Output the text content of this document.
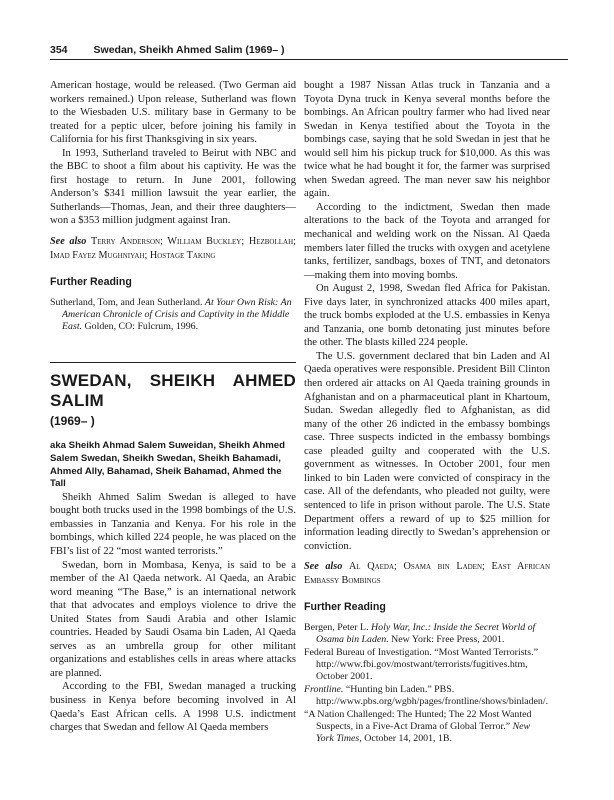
354 Swedan, Sheikh Ahmed Salim (1969– )

American hostage, would be released. (Two German aid workers remained.) Upon release, Sutherland was flown to the Wiesbaden U.S. military base in Germany to be treated for a peptic ulcer, before joining his family in California for his first Thanksgiving in six years.

In 1993, Sutherland traveled to Beirut with NBC and the BBC to shoot a film about his captivity. He was the first hostage to return. In June 2001, following Anderson’s $341 million lawsuit the year earlier, the Sutherlands—Thomas, Jean, and their three daughters—won a $353 million judgment against Iran.

See also Terry Anderson; William Buckley; Hezbollah; Imad Fayez Mughniyah; Hostage Taking

Further Reading

Sutherland, Tom, and Jean Sutherland. At Your Own Risk: An American Chronicle of Crisis and Captivity in the Middle East. Golden, CO: Fulcrum, 1996.

SWEDAN, SHEIKH AHMED SALIM
(1969– )

aka Sheikh Ahmad Salem Suweidan, Sheikh Ahmed Salem Swedan, Sheikh Swedan, Sheikh Bahamadi, Ahmed Ally, Bahamad, Sheik Bahamad, Ahmed the Tall

Sheikh Ahmed Salim Swedan is alleged to have bought both trucks used in the 1998 bombings of the U.S. embassies in Tanzania and Kenya. For his role in the bombings, which killed 224 people, he was placed on the FBI’s list of 22 “most wanted terrorists.”

Swedan, born in Mombasa, Kenya, is said to be a member of the Al Qaeda network. Al Qaeda, an Arabic word meaning “The Base,” is an international network that that advocates and employs violence to drive the United States from Saudi Arabia and other Islamic countries. Headed by Saudi Osama bin Laden, Al Qaeda serves as an umbrella group for other militant organizations and establishes cells in areas where attacks are planned.

According to the FBI, Swedan managed a trucking business in Kenya before becoming involved in Al Qaeda’s East African cells. A 1998 U.S. indictment charges that Swedan and fellow Al Qaeda members

bought a 1987 Nissan Atlas truck in Tanzania and a Toyota Dyna truck in Kenya several months before the bombings. An African poultry farmer who had lived near Swedan in Kenya testified about the Toyota in the bombings case, saying that he sold Swedan in jest that he would sell him his pickup truck for $10,000. As this was twice what he had bought it for, the farmer was surprised when Swedan agreed. The man never saw his neighbor again.

According to the indictment, Swedan then made alterations to the back of the Toyota and arranged for mechanical and welding work on the Nissan. Al Qaeda members later filled the trucks with oxygen and acetylene tanks, fertilizer, sandbags, boxes of TNT, and detonators—making them into moving bombs.

On August 2, 1998, Swedan fled Africa for Pakistan. Five days later, in synchronized attacks 400 miles apart, the truck bombs exploded at the U.S. embassies in Kenya and Tanzania, one bomb detonating just minutes before the other. The blasts killed 224 people.

The U.S. government declared that bin Laden and Al Qaeda operatives were responsible. President Bill Clinton then ordered air attacks on Al Qaeda training grounds in Afghanistan and on a pharmaceutical plant in Khartoum, Sudan. Swedan allegedly fled to Afghanistan, as did many of the other 26 indicted in the embassy bombings case. Three suspects indicted in the embassy bombings case pleaded guilty and cooperated with the U.S. government as witnesses. In October 2001, four men linked to bin Laden were convicted of conspiracy in the case. All of the defendants, who pleaded not guilty, were sentenced to life in prison without parole. The U.S. State Department offers a reward of up to $25 million for information leading directly to Swedan’s apprehension or conviction.

See also Al Qaeda; Osama bin Laden; East African Embassy Bombings

Further Reading

Bergen, Peter L. Holy War, Inc.: Inside the Secret World of Osama bin Laden. New York: Free Press, 2001.

Federal Bureau of Investigation. “Most Wanted Terrorists.” http://www.fbi.gov/mostwant/terrorists/fugitives.htm, October 2001.

Frontline. “Hunting bin Laden.” PBS. http://www.pbs.org/wgbh/pages/frontline/shows/binladen/.

“A Nation Challenged: The Hunted; The 22 Most Wanted Suspects, in a Five-Act Drama of Global Terror.” New York Times, October 14, 2001, 1B.
